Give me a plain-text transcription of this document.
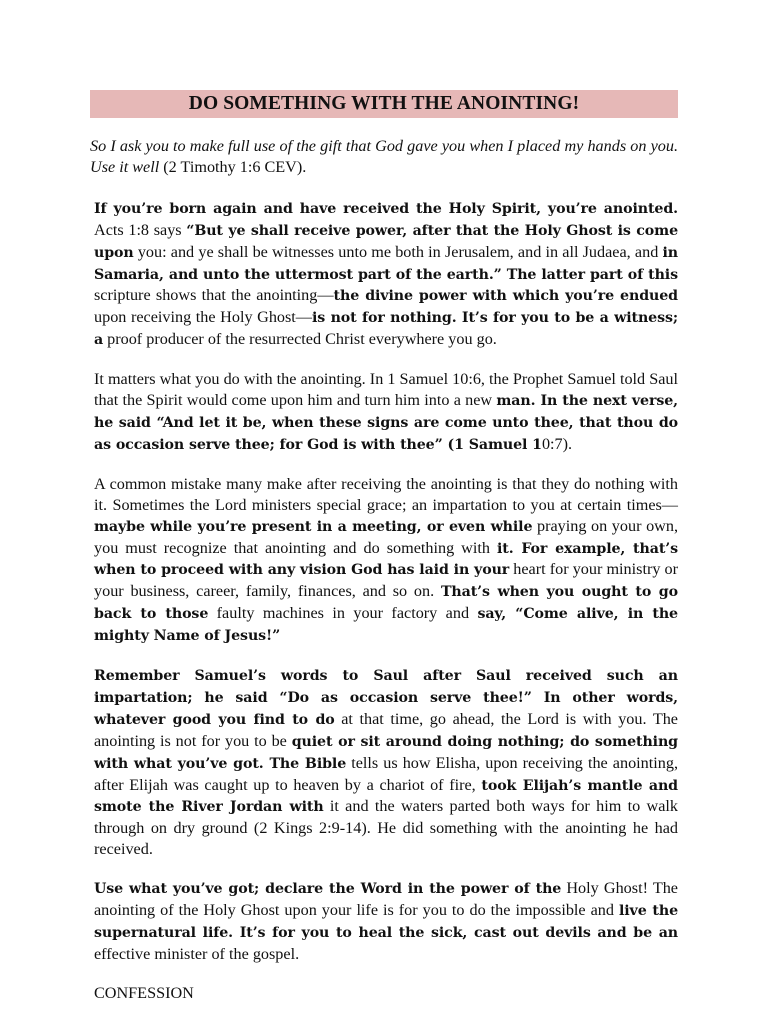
DO SOMETHING WITH THE ANOINTING!

So I ask you to make full use of the gift that God gave you when I placed my hands on you. Use it well (2 Timothy 1:6 CEV).

If you’re born again and have received the Holy Spirit, you’re anointed. Acts 1:8 says “But ye shall receive power, after that the Holy Ghost is come upon you: and ye shall be witnesses unto me both in Jerusalem, and in all Judaea, and in Samaria, and unto the uttermost part of the earth.” The latter part of this scripture shows that the anointing—the divine power with which you’re endued upon receiving the Holy Ghost—is not for nothing. It’s for you to be a witness; a proof producer of the resurrected Christ everywhere you go.

It matters what you do with the anointing. In 1 Samuel 10:6, the Prophet Samuel told Saul that the Spirit would come upon him and turn him into a new man. In the next verse, he said “And let it be, when these signs are come unto thee, that thou do as occasion serve thee; for God is with thee” (1 Samuel 10:7).

A common mistake many make after receiving the anointing is that they do nothing with it. Sometimes the Lord ministers special grace; an impartation to you at certain times—maybe while you’re present in a meeting, or even while praying on your own, you must recognize that anointing and do something with it. For example, that’s when to proceed with any vision God has laid in your heart for your ministry or your business, career, family, finances, and so on. That’s when you ought to go back to those faulty machines in your factory and say, “Come alive, in the mighty Name of Jesus!”

Remember Samuel’s words to Saul after Saul received such an impartation; he said “Do as occasion serve thee!” In other words, whatever good you find to do at that time, go ahead, the Lord is with you. The anointing is not for you to be quiet or sit around doing nothing; do something with what you’ve got. The Bible tells us how Elisha, upon receiving the anointing, after Elijah was caught up to heaven by a chariot of fire, took Elijah’s mantle and smote the River Jordan with it and the waters parted both ways for him to walk through on dry ground (2 Kings 2:9-14). He did something with the anointing he had received.

Use what you’ve got; declare the Word in the power of the Holy Ghost! The anointing of the Holy Ghost upon your life is for you to do the impossible and live the supernatural life. It’s for you to heal the sick, cast out devils and be an effective minister of the gospel.

CONFESSION
